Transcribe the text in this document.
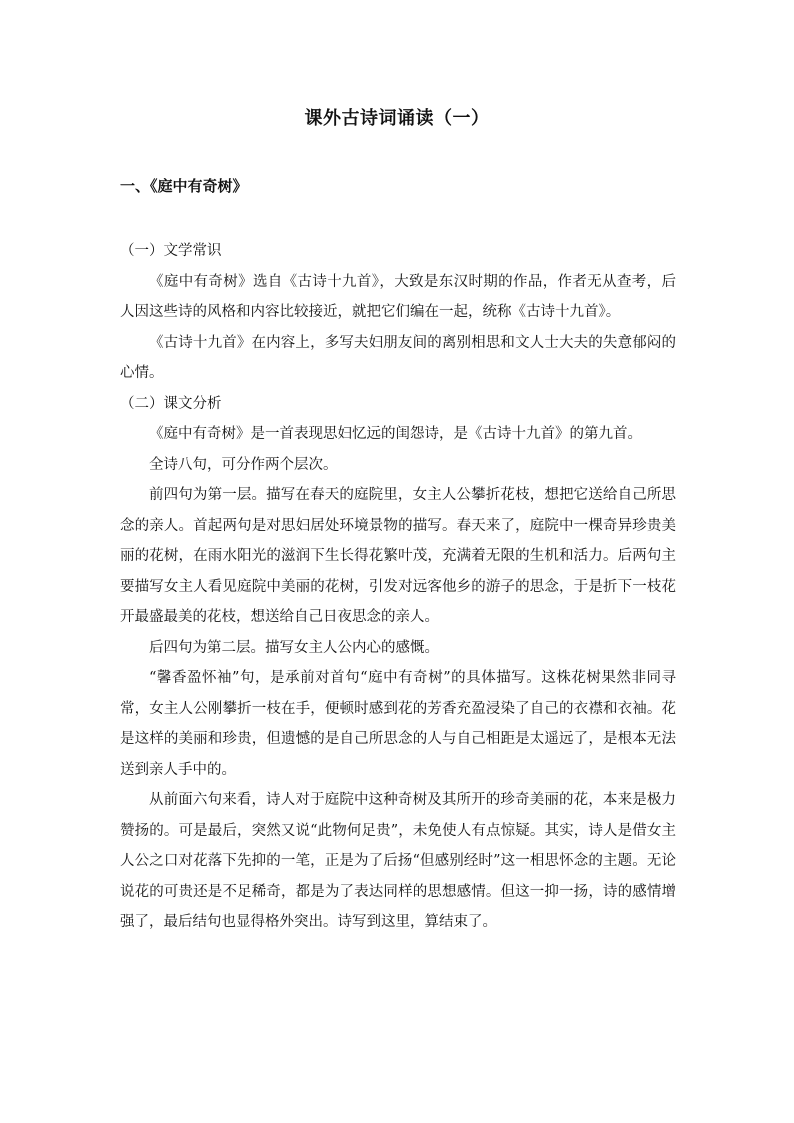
课外古诗词诵读（一）
一、《庭中有奇树》

（一）文学常识

《庭中有奇树》选自《古诗十九首》，大致是东汉时期的作品，作者无从查考，后人因这些诗的风格和内容比较接近，就把它们编在一起，统称《古诗十九首》。

《古诗十九首》在内容上，多写夫妇朋友间的离别相思和文人士大夫的失意郁闷的心情。

（二）课文分析

《庭中有奇树》是一首表现思妇忆远的闺怨诗，是《古诗十九首》的第九首。

全诗八句，可分作两个层次。

前四句为第一层。描写在春天的庭院里，女主人公攀折花枝，想把它送给自己所思念的亲人。首起两句是对思妇居处环境景物的描写。春天来了，庭院中一棵奇异珍贵美丽的花树，在雨水阳光的滋润下生长得花繁叶茂，充满着无限的生机和活力。后两句主要描写女主人看见庭院中美丽的花树，引发对远客他乡的游子的思念，于是折下一枝花开最盛最美的花枝，想送给自己日夜思念的亲人。

后四句为第二层。描写女主人公内心的感慨。

“馨香盈怀袖”句，是承前对首句“庭中有奇树”的具体描写。这株花树果然非同寻常，女主人公刚攀折一枝在手，便顿时感到花的芳香充盈浸染了自己的衣襟和衣袖。花是这样的美丽和珍贵，但遗憾的是自己所思念的人与自己相距是太遥远了，是根本无法送到亲人手中的。

从前面六句来看，诗人对于庭院中这种奇树及其所开的珍奇美丽的花，本来是极力赞扬的。可是最后，突然又说“此物何足贵”，未免使人有点惊疑。其实，诗人是借女主人公之口对花落下先抑的一笔，正是为了后扬“但感别经时”这一相思怀念的主题。无论说花的可贵还是不足稀奇，都是为了表达同样的思想感情。但这一抑一扬，诗的感情增强了，最后结句也显得格外突出。诗写到这里，算结束了。
